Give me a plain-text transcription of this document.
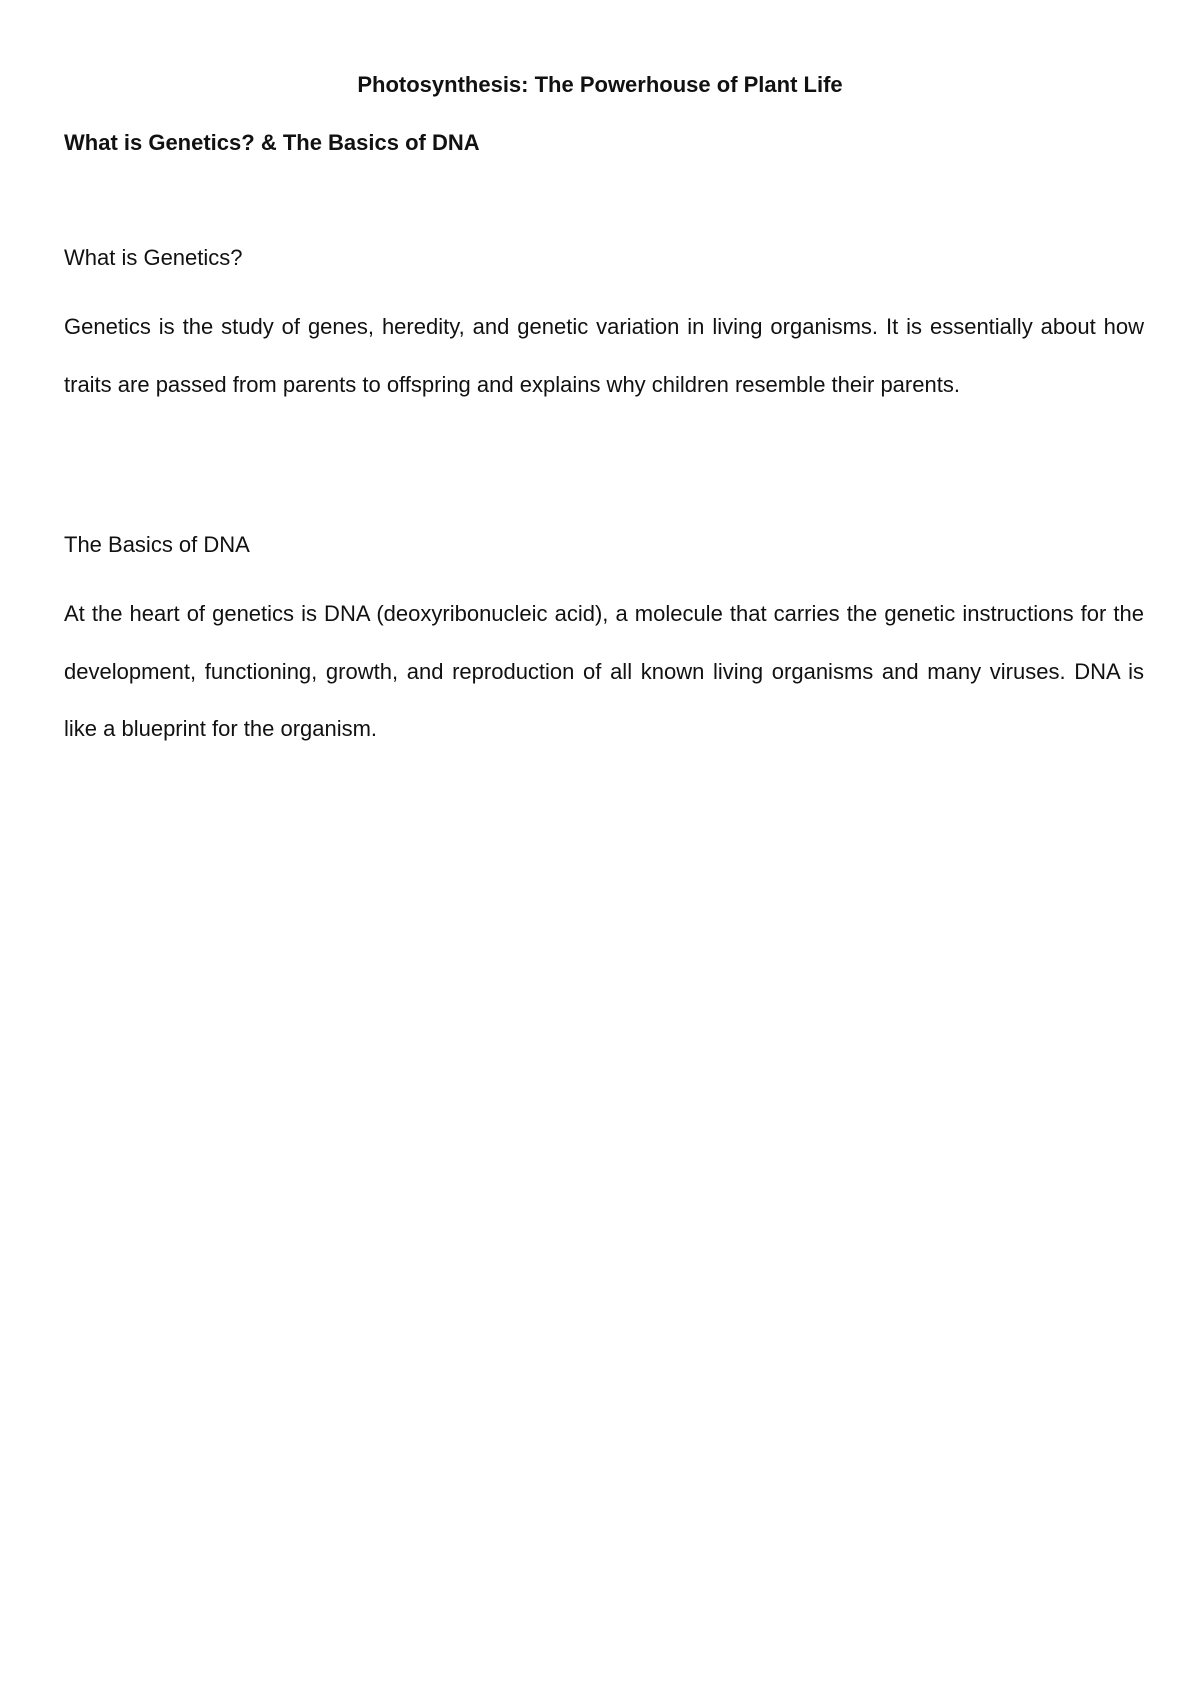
Photosynthesis: The Powerhouse of Plant Life
What is Genetics? & The Basics of DNA
What is Genetics?

Genetics is the study of genes, heredity, and genetic variation in living organisms. It is essentially about how traits are passed from parents to offspring and explains why children resemble their parents.

The Basics of DNA

At the heart of genetics is DNA (deoxyribonucleic acid), a molecule that carries the genetic instructions for the development, functioning, growth, and reproduction of all known living organisms and many viruses. DNA is like a blueprint for the organism.
